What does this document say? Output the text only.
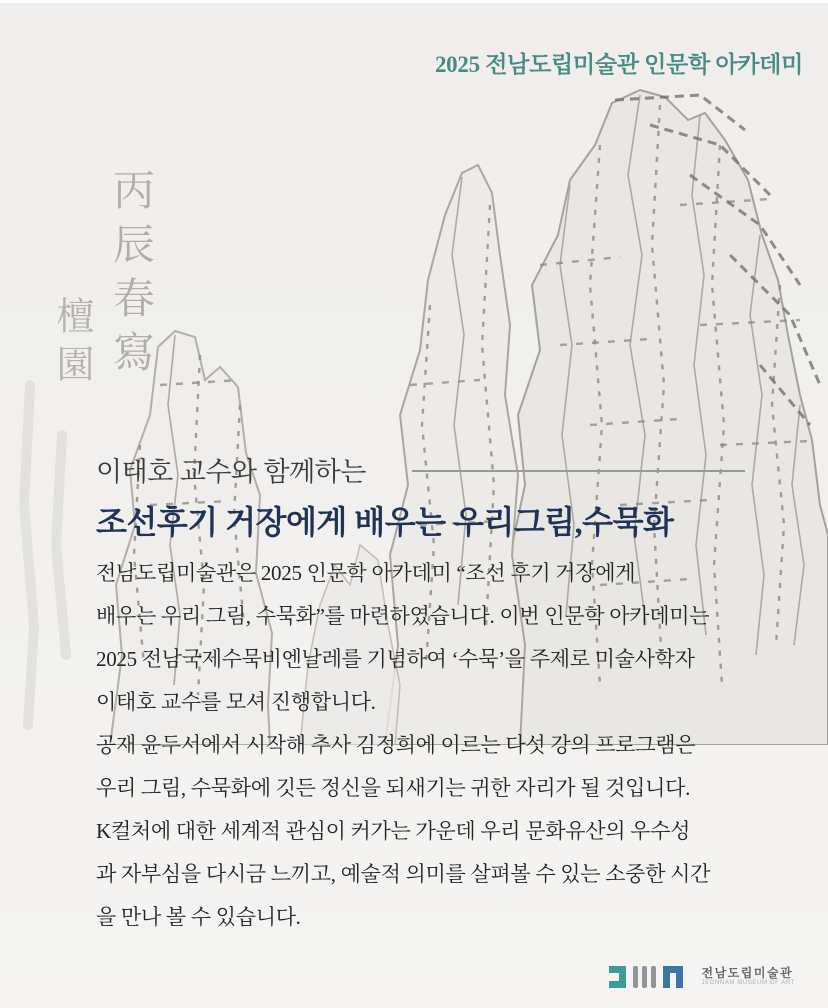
2025 전남도립미술관 인문학 아카데미
丙辰春寫
檀園
이태호 교수와 함께하는
조선후기 거장에게 배우는 우리그림,수묵화
전남도립미술관은 2025 인문학 아카데미 “조선 후기 거장에게
배우는 우리 그림, 수묵화”를 마련하였습니다. 이번 인문학 아카데미는
2025 전남국제수묵비엔날레를 기념하여 ‘수묵’을 주제로 미술사학자
이태호 교수를 모셔 진행합니다.
공재 윤두서에서 시작해 추사 김정희에 이르는 다섯 강의 프로그램은
우리 그림, 수묵화에 깃든 정신을 되새기는 귀한 자리가 될 것입니다.
K컬처에 대한 세계적 관심이 커가는 가운데 우리 문화유산의 우수성
과 자부심을 다시금 느끼고, 예술적 의미를 살펴볼 수 있는 소중한 시간
을 만나 볼 수 있습니다.
전남도립미술관
JEONNAM MUSEUM OF ART
